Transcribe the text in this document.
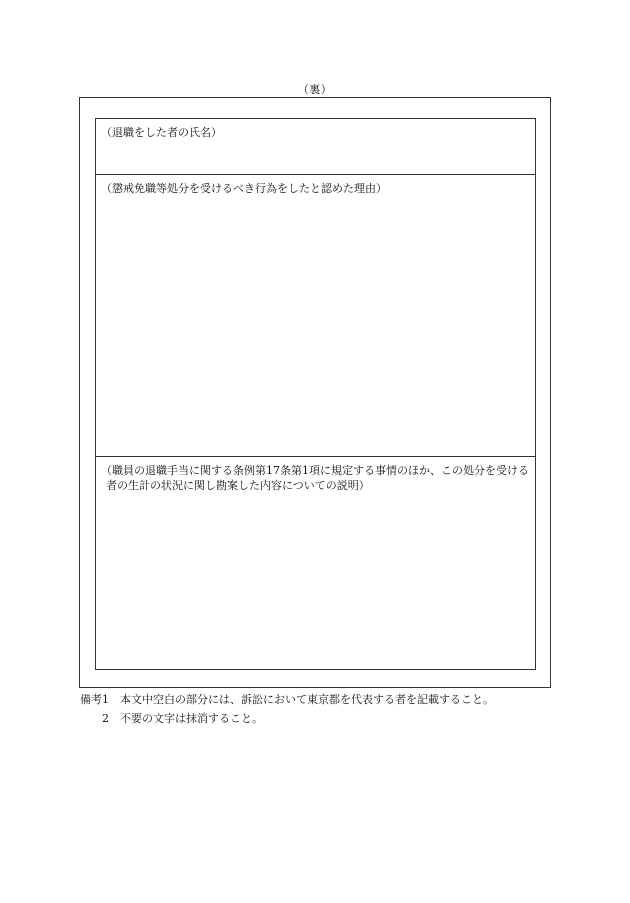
（裏）
（退職をした者の氏名）
（懲戒免職等処分を受けるべき行為をしたと認めた理由）
（職員の退職手当に関する条例第17条第1項に規定する事情のほか、この処分を受ける者の生計の状況に関し勘案した内容についての説明）
備考1	本文中空白の部分には、訴訟において東京都を代表する者を記載すること。
2	不要の文字は抹消すること。
